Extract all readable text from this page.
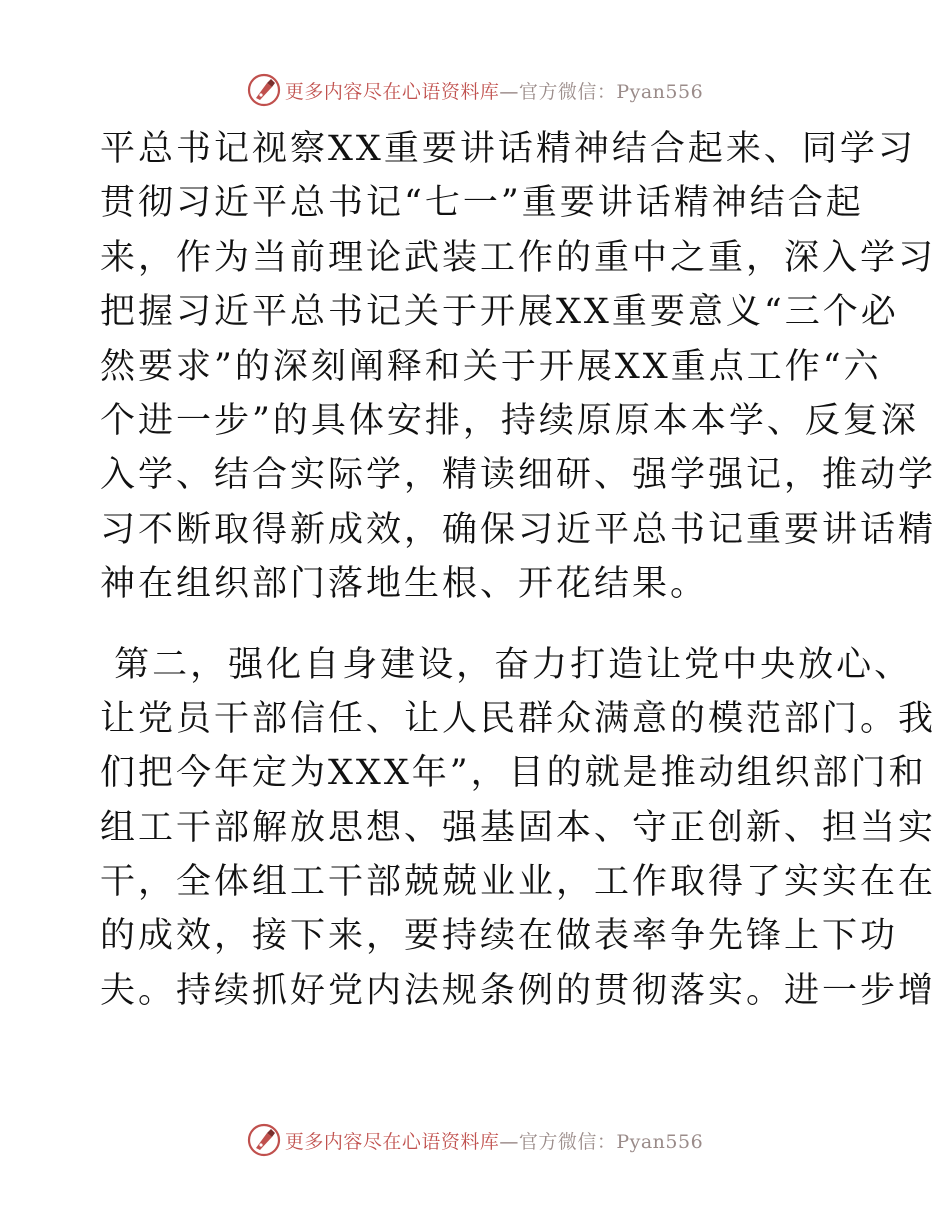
更多内容尽在心语资料库—官方微信：Pyan556
平总书记视察XX重要讲话精神结合起来、同学习
贯彻习近平总书记“七一”重要讲话精神结合起
来，作为当前理论武装工作的重中之重，深入学习
把握习近平总书记关于开展XX重要意义“三个必
然要求”的深刻阐释和关于开展XX重点工作“六
个进一步”的具体安排，持续原原本本学、反复深
入学、结合实际学，精读细研、强学强记，推动学
习不断取得新成效，确保习近平总书记重要讲话精
神在组织部门落地生根、开花结果。
第二，强化自身建设，奋力打造让党中央放心、
让党员干部信任、让人民群众满意的模范部门。我
们把今年定为XXX年”，目的就是推动组织部门和
组工干部解放思想、强基固本、守正创新、担当实
干，全体组工干部兢兢业业，工作取得了实实在在
的成效，接下来，要持续在做表率争先锋上下功
夫。持续抓好党内法规条例的贯彻落实。进一步增
更多内容尽在心语资料库—官方微信：Pyan556
